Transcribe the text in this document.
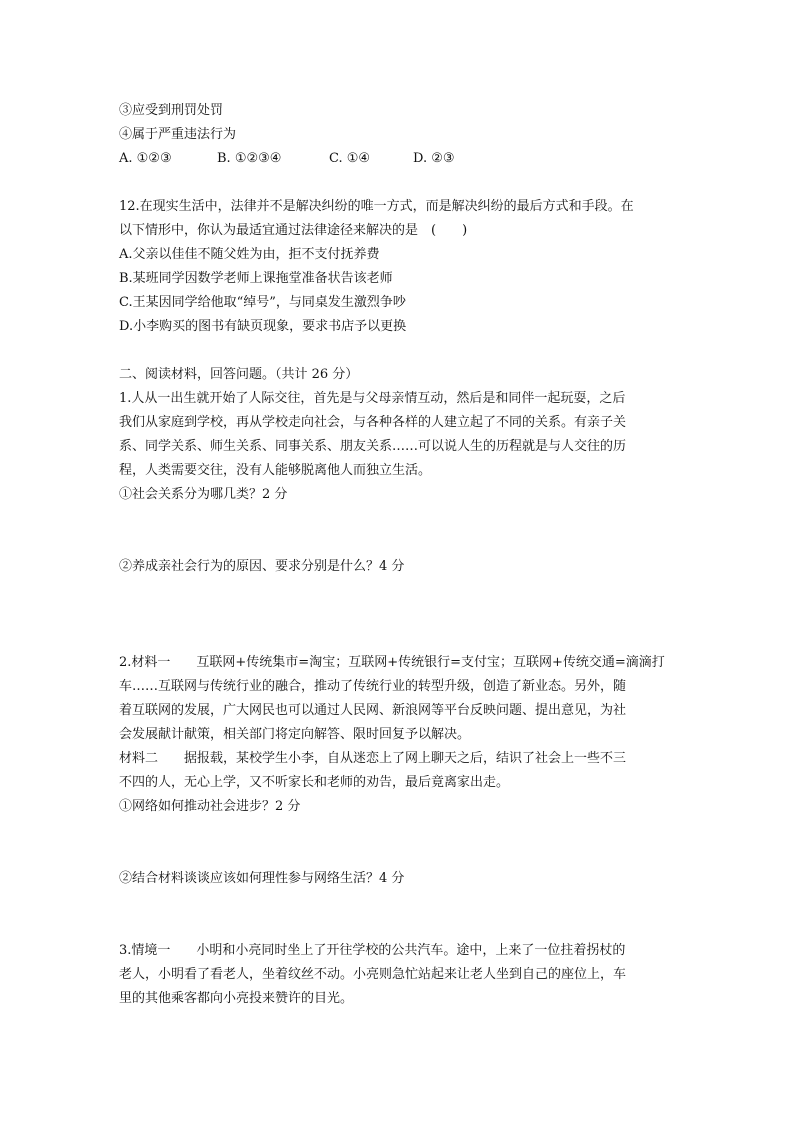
③应受到刑罚处罚
④属于严重违法行为
A. ①②③	B. ①②③④	C. ①④	D. ②③
12.在现实生活中，法律并不是解决纠纷的唯一方式，而是解决纠纷的最后方式和手段。在
以下情形中，你认为最适宜通过法律途径来解决的是　(　　)
A.父亲以佳佳不随父姓为由，拒不支付抚养费
B.某班同学因数学老师上课拖堂准备状告该老师
C.王某因同学给他取“绰号”，与同桌发生激烈争吵
D.小李购买的图书有缺页现象，要求书店予以更换
二、阅读材料，回答问题。（共计 26 分）
1.人从一出生就开始了人际交往，首先是与父母亲情互动，然后是和同伴一起玩耍，之后
我们从家庭到学校，再从学校走向社会，与各种各样的人建立起了不同的关系。有亲子关
系、同学关系、师生关系、同事关系、朋友关系……可以说人生的历程就是与人交往的历
程，人类需要交往，没有人能够脱离他人而独立生活。
①社会关系分为哪几类？2 分
②养成亲社会行为的原因、要求分别是什么？4 分
2.材料一　　互联网+传统集市=淘宝；互联网+传统银行=支付宝；互联网+传统交通=滴滴打
车……互联网与传统行业的融合，推动了传统行业的转型升级，创造了新业态。另外，随
着互联网的发展，广大网民也可以通过人民网、新浪网等平台反映问题、提出意见，为社
会发展献计献策，相关部门将定向解答、限时回复予以解决。
材料二　　据报载，某校学生小李，自从迷恋上了网上聊天之后，结识了社会上一些不三
不四的人，无心上学，又不听家长和老师的劝告，最后竟离家出走。
①网络如何推动社会进步？2 分
②结合材料谈谈应该如何理性参与网络生活？4 分
3.情境一　　小明和小亮同时坐上了开往学校的公共汽车。途中，上来了一位拄着拐杖的
老人，小明看了看老人，坐着纹丝不动。小亮则急忙站起来让老人坐到自己的座位上，车
里的其他乘客都向小亮投来赞许的目光。
